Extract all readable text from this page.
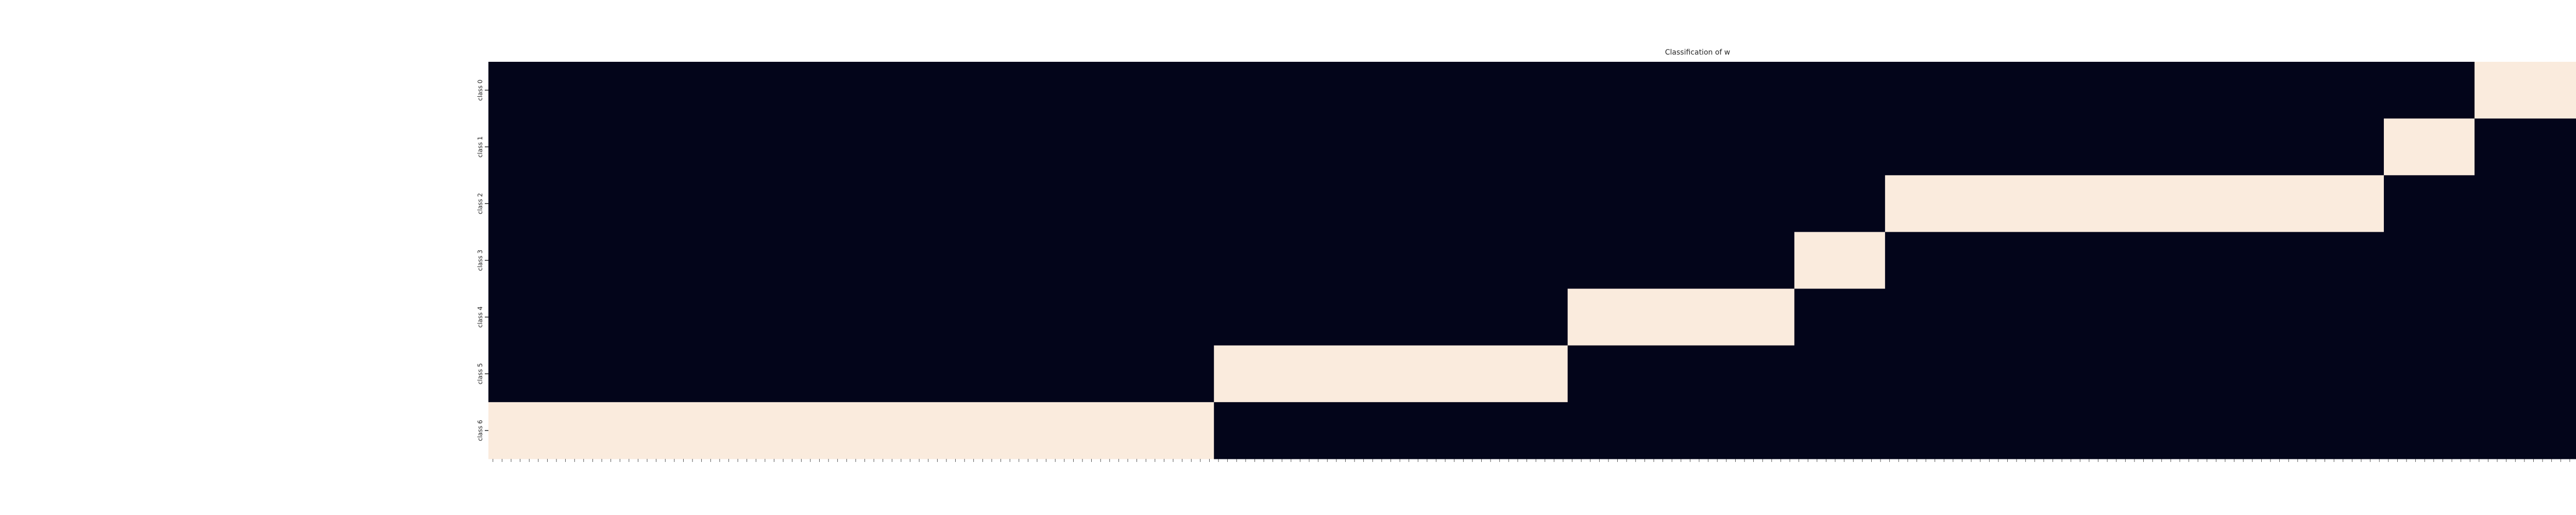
Classification of w
class 0
class 1
class 2
class 3
class 4
class 5
class 6
